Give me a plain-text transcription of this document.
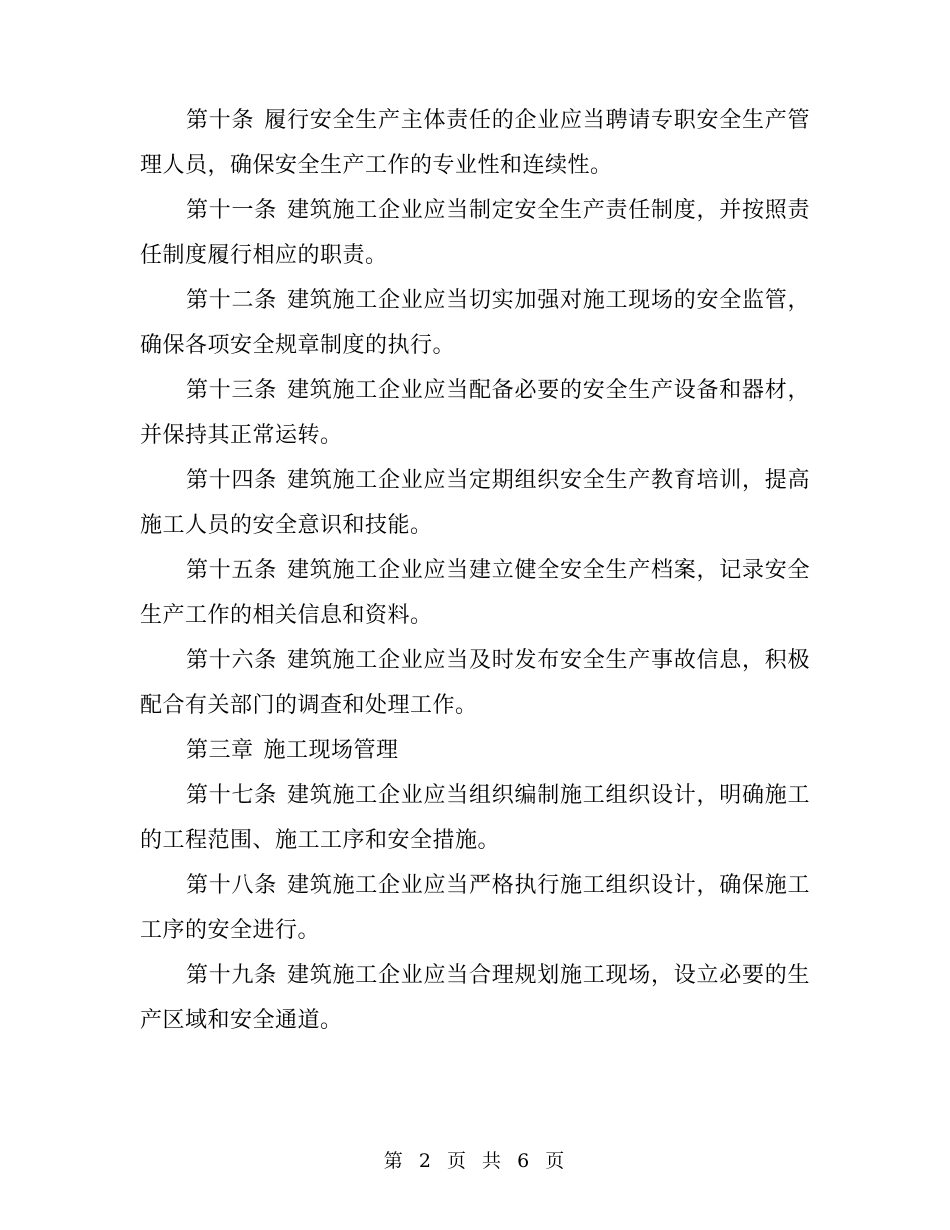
第十条 履行安全生产主体责任的企业应当聘请专职安全生产管理人员，确保安全生产工作的专业性和连续性。

第十一条 建筑施工企业应当制定安全生产责任制度，并按照责任制度履行相应的职责。

第十二条 建筑施工企业应当切实加强对施工现场的安全监管，确保各项安全规章制度的执行。

第十三条 建筑施工企业应当配备必要的安全生产设备和器材，并保持其正常运转。

第十四条 建筑施工企业应当定期组织安全生产教育培训，提高施工人员的安全意识和技能。

第十五条 建筑施工企业应当建立健全安全生产档案，记录安全生产工作的相关信息和资料。

第十六条 建筑施工企业应当及时发布安全生产事故信息，积极配合有关部门的调查和处理工作。

第三章 施工现场管理

第十七条 建筑施工企业应当组织编制施工组织设计，明确施工的工程范围、施工工序和安全措施。

第十八条 建筑施工企业应当严格执行施工组织设计，确保施工工序的安全进行。

第十九条 建筑施工企业应当合理规划施工现场，设立必要的生产区域和安全通道。

第 2 页 共 6 页
